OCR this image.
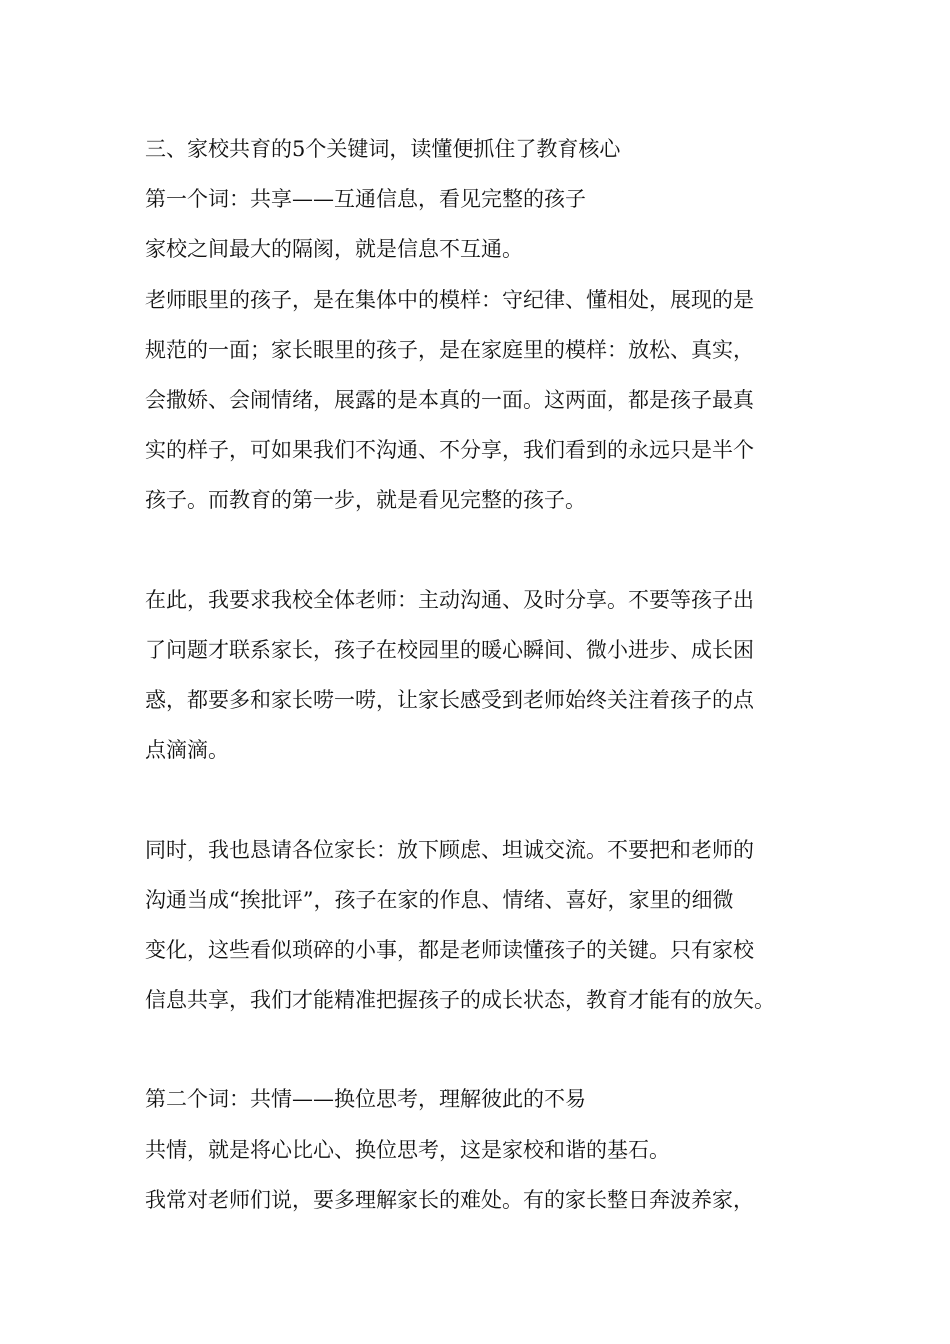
三、家校共育的5个关键词，读懂便抓住了教育核心
第一个词：共享——互通信息，看见完整的孩子
家校之间最大的隔阂，就是信息不互通。
老师眼里的孩子，是在集体中的模样：守纪律、懂相处，展现的是
规范的一面；家长眼里的孩子，是在家庭里的模样：放松、真实，
会撒娇、会闹情绪，展露的是本真的一面。这两面，都是孩子最真
实的样子，可如果我们不沟通、不分享，我们看到的永远只是半个
孩子。而教育的第一步，就是看见完整的孩子。
在此，我要求我校全体老师：主动沟通、及时分享。不要等孩子出
了问题才联系家长，孩子在校园里的暖心瞬间、微小进步、成长困
惑，都要多和家长唠一唠，让家长感受到老师始终关注着孩子的点
点滴滴。
同时，我也恳请各位家长：放下顾虑、坦诚交流。不要把和老师的
沟通当成“挨批评”，孩子在家的作息、情绪、喜好，家里的细微
变化，这些看似琐碎的小事，都是老师读懂孩子的关键。只有家校
信息共享，我们才能精准把握孩子的成长状态，教育才能有的放矢。
第二个词：共情——换位思考，理解彼此的不易
共情，就是将心比心、换位思考，这是家校和谐的基石。
我常对老师们说，要多理解家长的难处。有的家长整日奔波养家，
